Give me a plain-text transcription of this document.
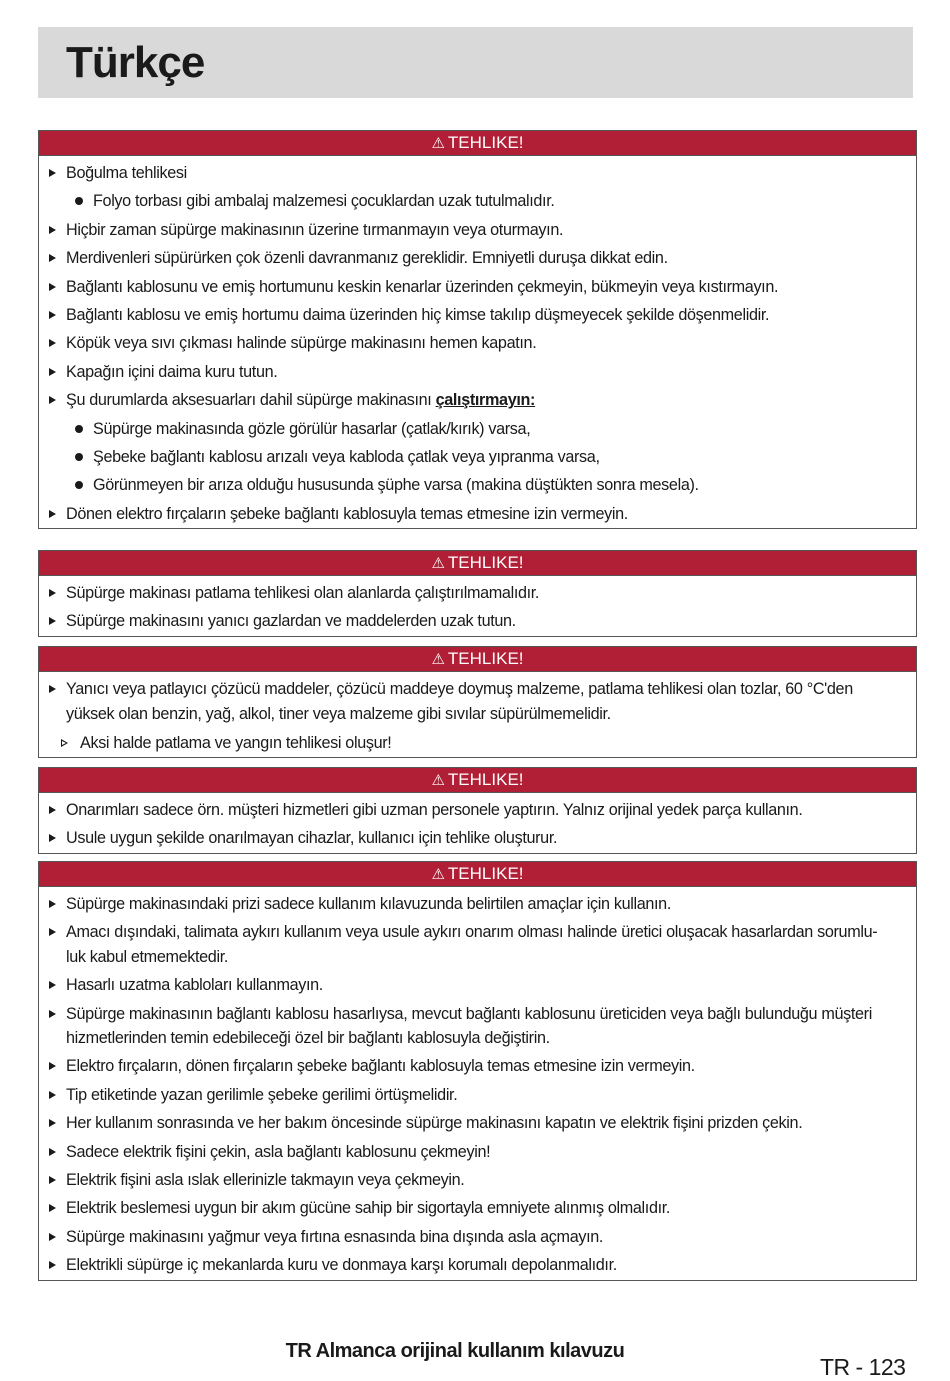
Türkçe
⚠ TEHLIKE!
Boğulma tehlikesi
Folyo torbası gibi ambalaj malzemesi çocuklardan uzak tutulmalıdır.
Hiçbir zaman süpürge makinasının üzerine tırmanmayın veya oturmayın.
Merdivenleri süpürürken çok özenli davranmanız gereklidir. Emniyetli duruşa dikkat edin.
Bağlantı kablosunu ve emiş hortumunu keskin kenarlar üzerinden çekmeyin, bükmeyin veya kıstırmayın.
Bağlantı kablosu ve emiş hortumu daima üzerinden hiç kimse takılıp düşmeyecek şekilde döşenmelidir.
Köpük veya sıvı çıkması halinde süpürge makinasını hemen kapatın.
Kapağın içini daima kuru tutun.
Şu durumlarda aksesuarları dahil süpürge makinasını çalıştırmayın:
Süpürge makinasında gözle görülür hasarlar (çatlak/kırık) varsa,
Şebeke bağlantı kablosu arızalı veya kabloda çatlak veya yıpranma varsa,
Görünmeyen bir arıza olduğu hususunda şüphe varsa (makina düştükten sonra mesela).
Dönen elektro fırçaların şebeke bağlantı kablosuyla temas etmesine izin vermeyin.
⚠ TEHLIKE!
Süpürge makinası patlama tehlikesi olan alanlarda çalıştırılmamalıdır.
Süpürge makinasını yanıcı gazlardan ve maddelerden uzak tutun.
⚠ TEHLIKE!
Yanıcı veya patlayıcı çözücü maddeler, çözücü maddeye doymuş malzeme, patlama tehlikesi olan tozlar, 60 °C'den
yüksek olan benzin, yağ, alkol, tiner veya malzeme gibi sıvılar süpürülmemelidir.
Aksi halde patlama ve yangın tehlikesi oluşur!
⚠ TEHLIKE!
Onarımları sadece örn. müşteri hizmetleri gibi uzman personele yaptırın. Yalnız orijinal yedek parça kullanın.
Usule uygun şekilde onarılmayan cihazlar, kullanıcı için tehlike oluşturur.
⚠ TEHLIKE!
Süpürge makinasındaki prizi sadece kullanım kılavuzunda belirtilen amaçlar için kullanın.
Amacı dışındaki, talimata aykırı kullanım veya usule aykırı onarım olması halinde üretici oluşacak hasarlardan sorumlu-
luk kabul etmemektedir.
Hasarlı uzatma kabloları kullanmayın.
Süpürge makinasının bağlantı kablosu hasarlıysa, mevcut bağlantı kablosunu üreticiden veya bağlı bulunduğu müşteri
hizmetlerinden temin edebileceği özel bir bağlantı kablosuyla değiştirin.
Elektro fırçaların, dönen fırçaların şebeke bağlantı kablosuyla temas etmesine izin vermeyin.
Tip etiketinde yazan gerilimle şebeke gerilimi örtüşmelidir.
Her kullanım sonrasında ve her bakım öncesinde süpürge makinasını kapatın ve elektrik fişini prizden çekin.
Sadece elektrik fişini çekin, asla bağlantı kablosunu çekmeyin!
Elektrik fişini asla ıslak ellerinizle takmayın veya çekmeyin.
Elektrik beslemesi uygun bir akım gücüne sahip bir sigortayla emniyete alınmış olmalıdır.
Süpürge makinasını yağmur veya fırtına esnasında bina dışında asla açmayın.
Elektrikli süpürge iç mekanlarda kuru ve donmaya karşı korumalı depolanmalıdır.
TR Almanca orijinal kullanım kılavuzu
TR - 123
